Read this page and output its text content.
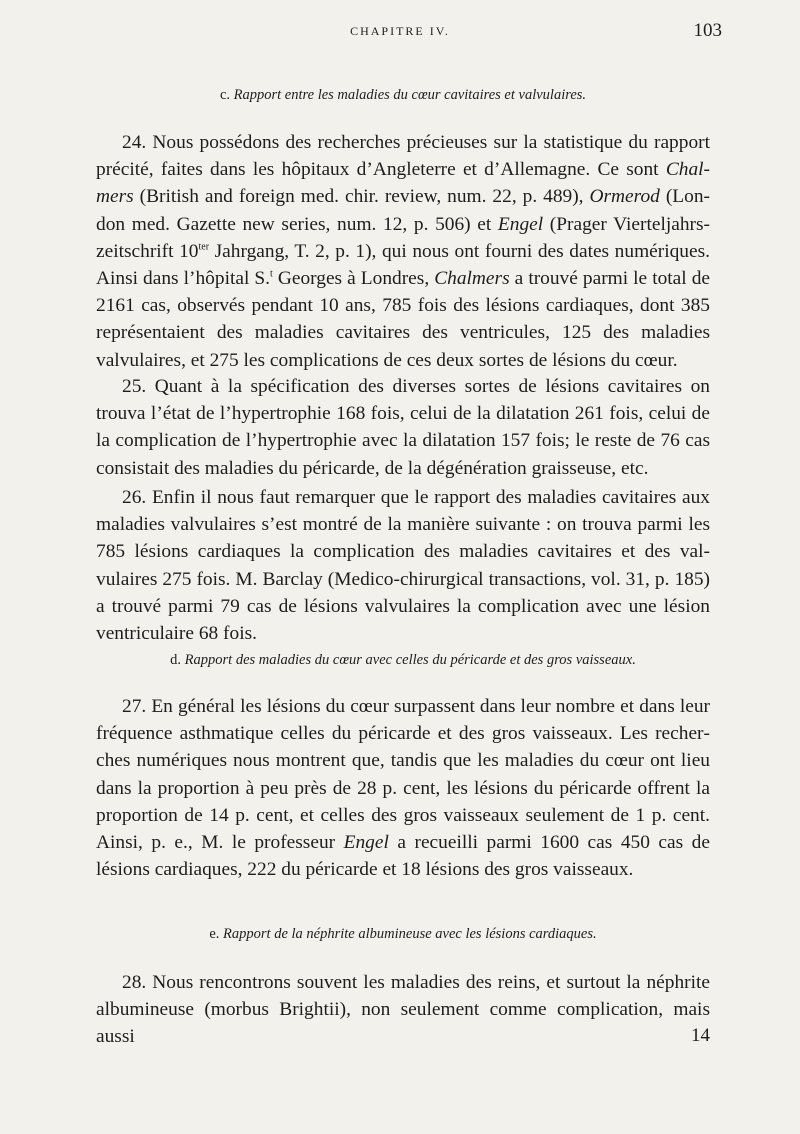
CHAPITRE IV.	103

c. Rapport entre les maladies du cœur cavitaires et valvulaires.

24. Nous possédons des recherches précieuses sur la statistique du rapport précité, faites dans les hôpitaux d’Angleterre et d’Allemagne. Ce sont Chalmers (British and foreign med. chir. review, num. 22, p. 489), Ormerod (London med. Gazette new series, num. 12, p. 506) et Engel (Prager Vierteljahrszeitschrift $10^{ter}$ Jahrgang, T. 2, p. 1), qui nous ont fourni des dates numériques. Ainsi dans l’hôpital S.$^t$ Georges à Londres, Chalmers a trouvé parmi le total de 2161 cas, observés pendant 10 ans, 785 fois des lésions cardiaques, dont 385 représentaient des maladies cavitaires des ventricules, 125 des maladies valvulaires, et 275 les complications de ces deux sortes de lésions du cœur.

25. Quant à la spécification des diverses sortes de lésions cavitaires on trouva l’état de l’hypertrophie 168 fois, celui de la dilatation 261 fois, celui de la complication de l’hypertrophie avec la dilatation 157 fois; le reste de 76 cas consistait des maladies du péricarde, de la dégénération graisseuse, etc.

26. Enfin il nous faut remarquer que le rapport des maladies cavitaires aux maladies valvulaires s’est montré de la manière suivante : on trouva parmi les 785 lésions cardiaques la complication des maladies cavitaires et des valvulaires 275 fois. M. Barclay (Medico-chirurgical transactions, vol. 31, p. 185) a trouvé parmi 79 cas de lésions valvulaires la complication avec une lésion ventriculaire 68 fois.

d. Rapport des maladies du cœur avec celles du péricarde et des gros vaisseaux.

27. En général les lésions du cœur surpassent dans leur nombre et dans leur fréquence asthmatique celles du péricarde et des gros vaisseaux. Les recherches numériques nous montrent que, tandis que les maladies du cœur ont lieu dans la proportion à peu près de 28 p. cent, les lésions du péricarde offrent la proportion de 14 p. cent, et celles des gros vaisseaux seulement de 1 p. cent. Ainsi, p. e., M. le professeur Engel a recueilli parmi 1600 cas 450 cas de lésions cardiaques, 222 du péricarde et 18 lésions des gros vaisseaux.

e. Rapport de la néphrite albumineuse avec les lésions cardiaques.

28. Nous rencontrons souvent les maladies des reins, et surtout la néphrite albumineuse (morbus Brightii), non seulement comme complication, mais aussi	14
